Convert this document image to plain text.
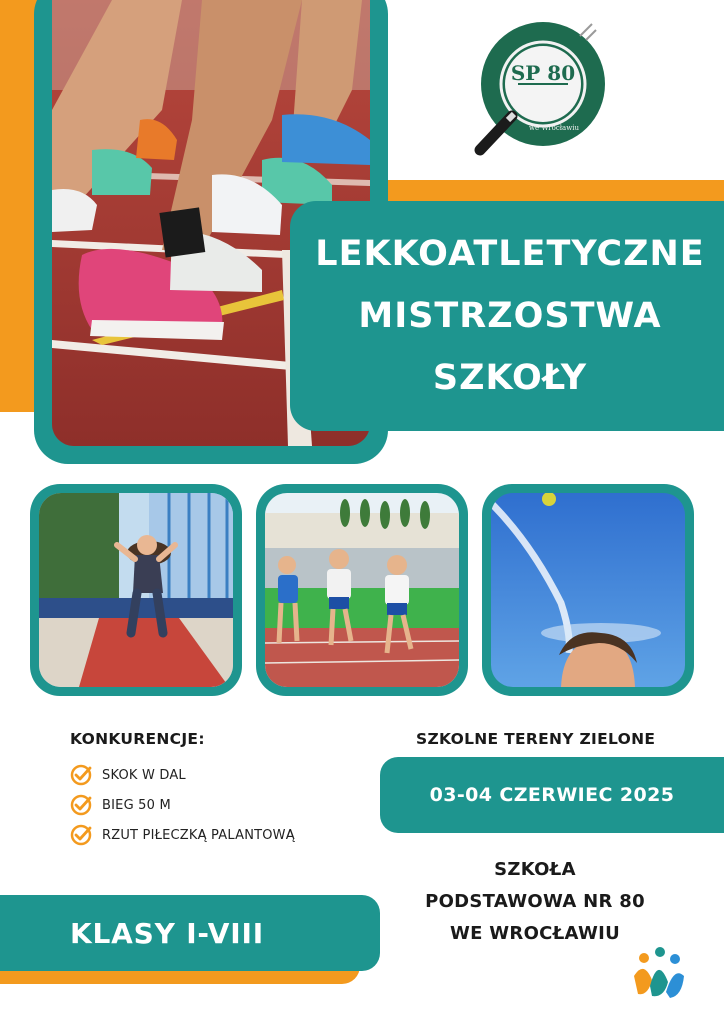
SP 80
we Wrocławiu
LEKKOATLETYCZNE
MISTRZOSTWA
SZKOŁY
KONKURENCJE:
SKOK W DAL
BIEG 50 M
RZUT PIŁECZKĄ PALANTOWĄ
SZKOLNE TERENY ZIELONE
03-04 CZERWIEC 2025
SZKOŁA
PODSTAWOWA NR 80
WE WROCŁAWIU
KLASY I-VIII
